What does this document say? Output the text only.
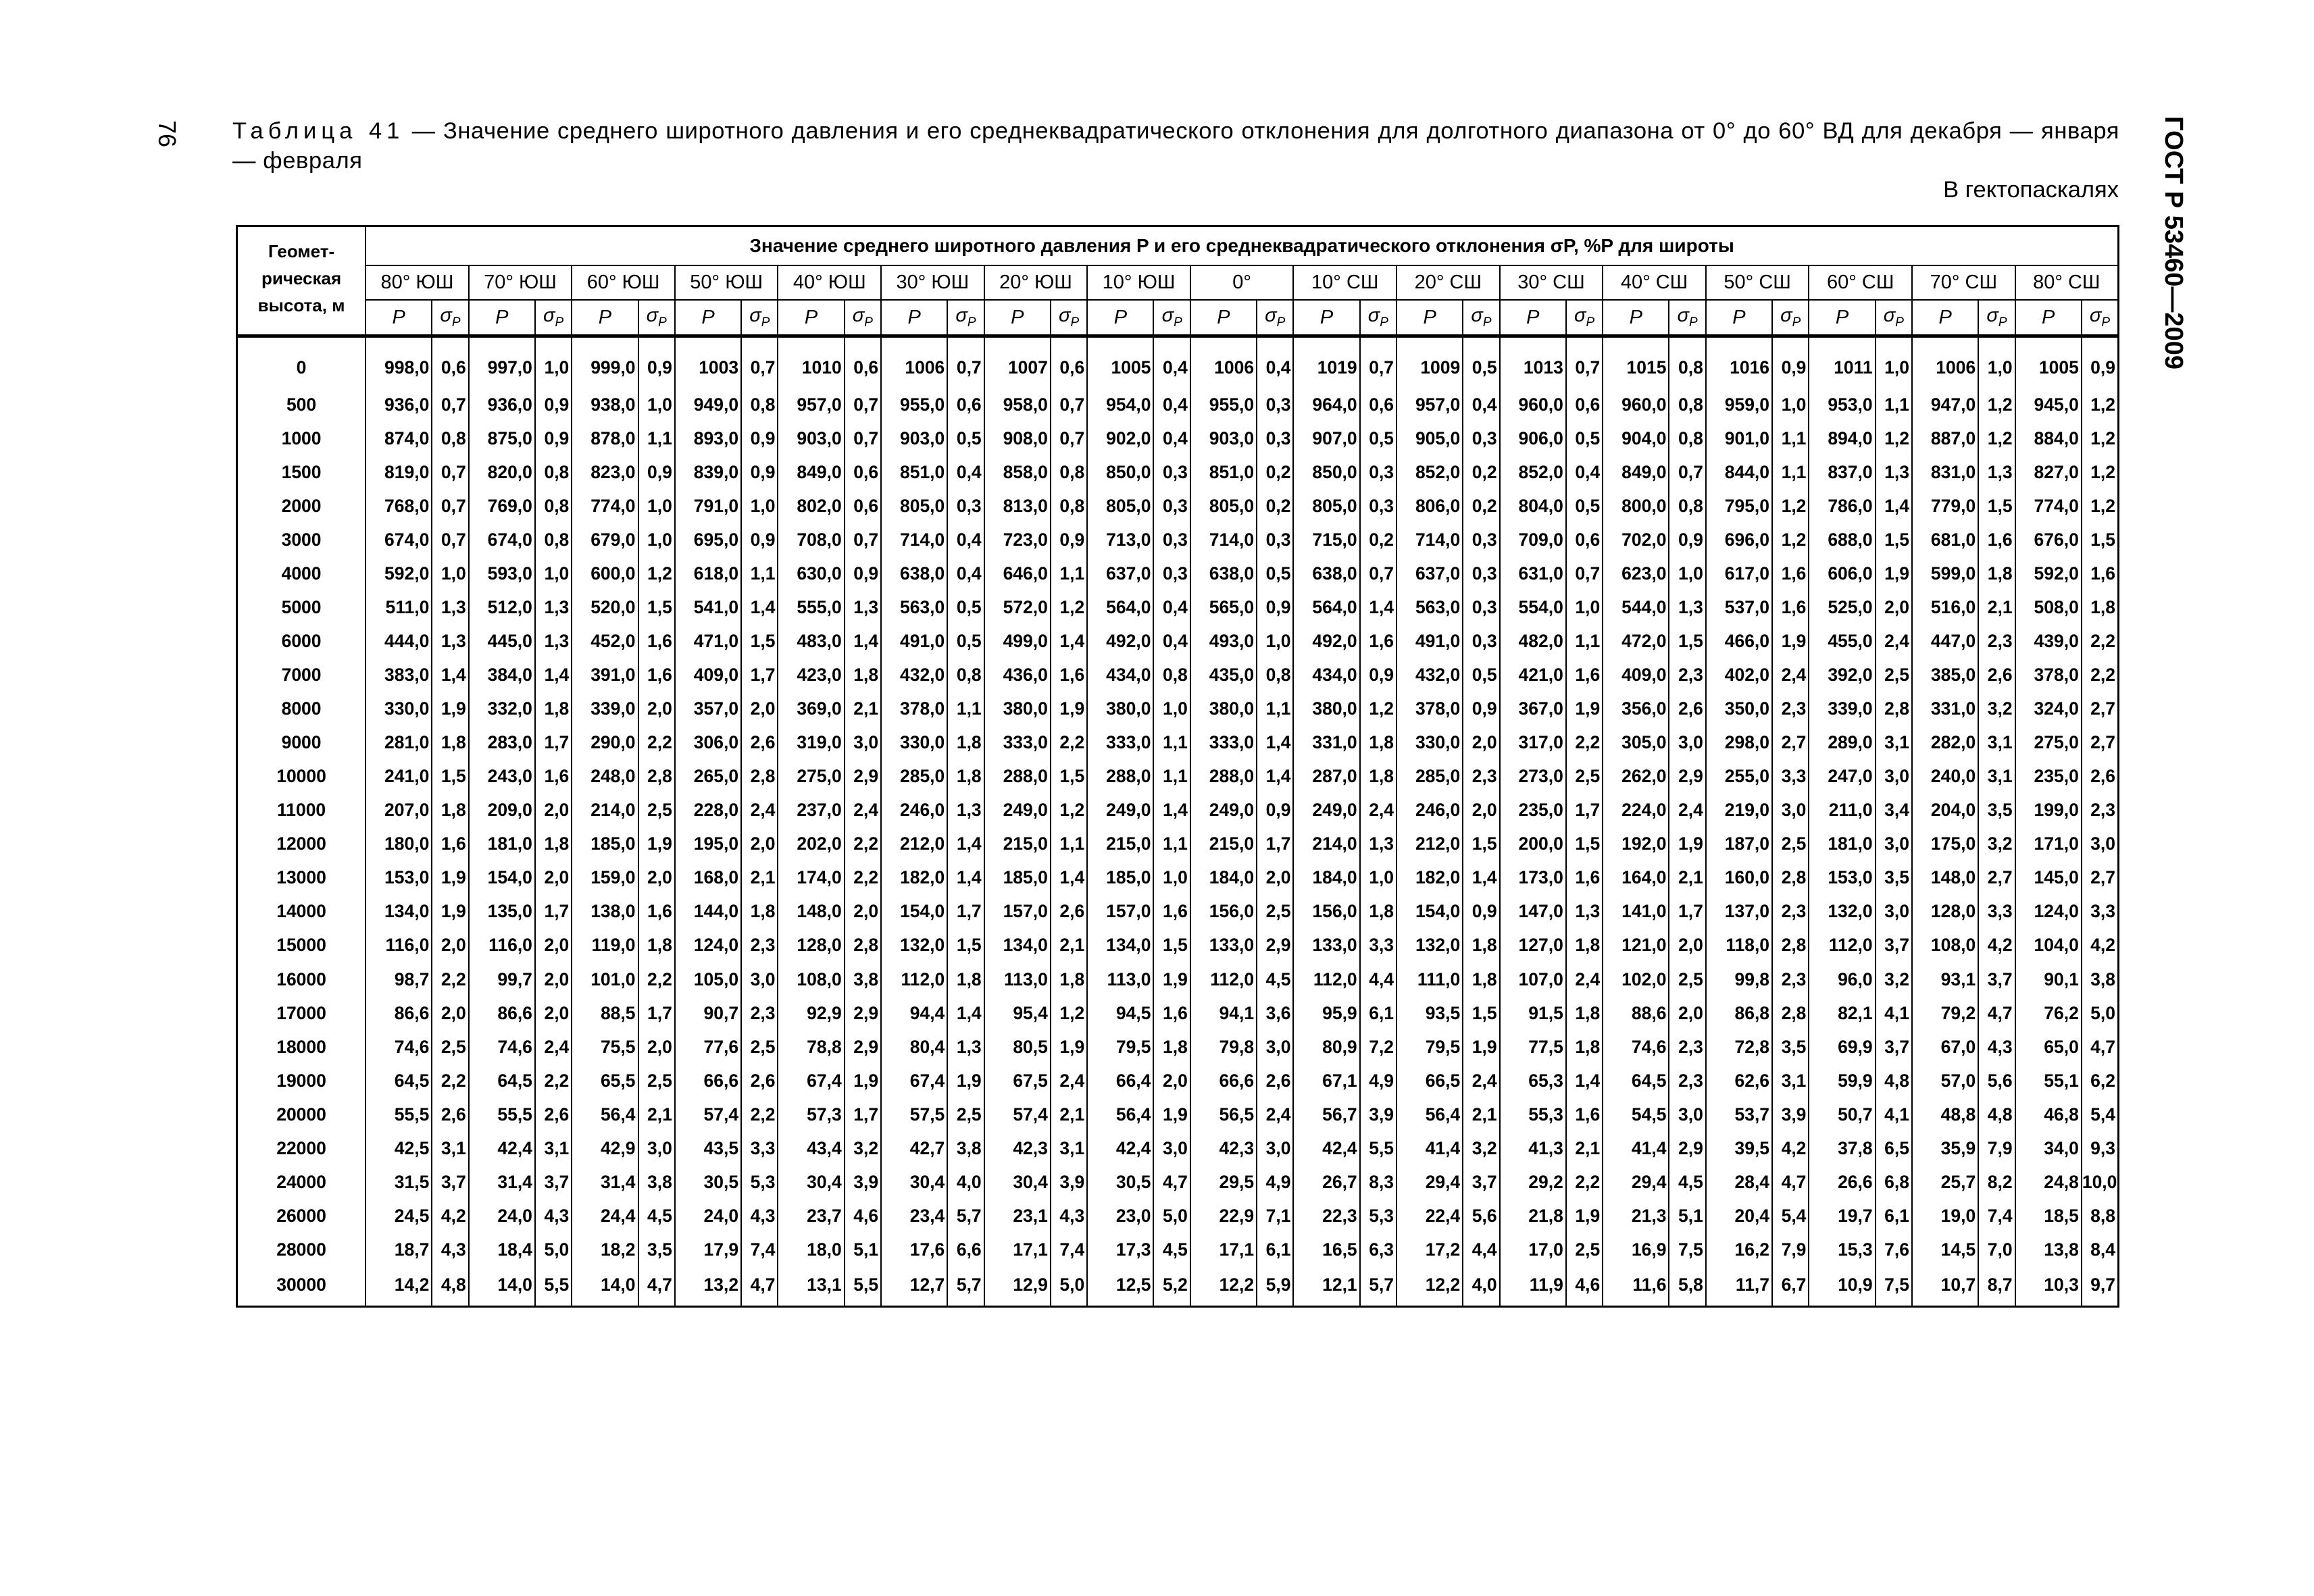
76	ГОСТ Р 53460—2009
Таблица 41 — Значение среднего широтного давления и его среднеквадратического отклонения для долготного диапазона от 0° до 60° ВД для декабря — января — февраля
В гектопаскалях
Геомет-
рическая
высота, м	Значение среднего широтного давления P и его среднеквадратического отклонения σP, %P для широты																																	
	80° ЮШ		70° ЮШ		60° ЮШ		50° ЮШ		40° ЮШ		30° ЮШ		20° ЮШ		10° ЮШ		0°		10° СШ		20° СШ		30° СШ		40° СШ		50° СШ		60° СШ		70° СШ		80° СШ	
	P	$\sigma_P$	P	$\sigma_P$	P	$\sigma_P$	P	$\sigma_P$	P	$\sigma_P$	P	$\sigma_P$	P	$\sigma_P$	P	$\sigma_P$	P	$\sigma_P$	P	$\sigma_P$	P	$\sigma_P$	P	$\sigma_P$	P	$\sigma_P$	P	$\sigma_P$	P	$\sigma_P$	P	$\sigma_P$	P	$\sigma_P$
0	998,0	0,6	997,0	1,0	999,0	0,9	1003	0,7	1010	0,6	1006	0,7	1007	0,6	1005	0,4	1006	0,4	1019	0,7	1009	0,5	1013	0,7	1015	0,8	1016	0,9	1011	1,0	1006	1,0	1005	0,9
500	936,0	0,7	936,0	0,9	938,0	1,0	949,0	0,8	957,0	0,7	955,0	0,6	958,0	0,7	954,0	0,4	955,0	0,3	964,0	0,6	957,0	0,4	960,0	0,6	960,0	0,8	959,0	1,0	953,0	1,1	947,0	1,2	945,0	1,2
1000	874,0	0,8	875,0	0,9	878,0	1,1	893,0	0,9	903,0	0,7	903,0	0,5	908,0	0,7	902,0	0,4	903,0	0,3	907,0	0,5	905,0	0,3	906,0	0,5	904,0	0,8	901,0	1,1	894,0	1,2	887,0	1,2	884,0	1,2
1500	819,0	0,7	820,0	0,8	823,0	0,9	839,0	0,9	849,0	0,6	851,0	0,4	858,0	0,8	850,0	0,3	851,0	0,2	850,0	0,3	852,0	0,2	852,0	0,4	849,0	0,7	844,0	1,1	837,0	1,3	831,0	1,3	827,0	1,2
2000	768,0	0,7	769,0	0,8	774,0	1,0	791,0	1,0	802,0	0,6	805,0	0,3	813,0	0,8	805,0	0,3	805,0	0,2	805,0	0,3	806,0	0,2	804,0	0,5	800,0	0,8	795,0	1,2	786,0	1,4	779,0	1,5	774,0	1,2
3000	674,0	0,7	674,0	0,8	679,0	1,0	695,0	0,9	708,0	0,7	714,0	0,4	723,0	0,9	713,0	0,3	714,0	0,3	715,0	0,2	714,0	0,3	709,0	0,6	702,0	0,9	696,0	1,2	688,0	1,5	681,0	1,6	676,0	1,5
4000	592,0	1,0	593,0	1,0	600,0	1,2	618,0	1,1	630,0	0,9	638,0	0,4	646,0	1,1	637,0	0,3	638,0	0,5	638,0	0,7	637,0	0,3	631,0	0,7	623,0	1,0	617,0	1,6	606,0	1,9	599,0	1,8	592,0	1,6
5000	511,0	1,3	512,0	1,3	520,0	1,5	541,0	1,4	555,0	1,3	563,0	0,5	572,0	1,2	564,0	0,4	565,0	0,9	564,0	1,4	563,0	0,3	554,0	1,0	544,0	1,3	537,0	1,6	525,0	2,0	516,0	2,1	508,0	1,8
6000	444,0	1,3	445,0	1,3	452,0	1,6	471,0	1,5	483,0	1,4	491,0	0,5	499,0	1,4	492,0	0,4	493,0	1,0	492,0	1,6	491,0	0,3	482,0	1,1	472,0	1,5	466,0	1,9	455,0	2,4	447,0	2,3	439,0	2,2
7000	383,0	1,4	384,0	1,4	391,0	1,6	409,0	1,7	423,0	1,8	432,0	0,8	436,0	1,6	434,0	0,8	435,0	0,8	434,0	0,9	432,0	0,5	421,0	1,6	409,0	2,3	402,0	2,4	392,0	2,5	385,0	2,6	378,0	2,2
8000	330,0	1,9	332,0	1,8	339,0	2,0	357,0	2,0	369,0	2,1	378,0	1,1	380,0	1,9	380,0	1,0	380,0	1,1	380,0	1,2	378,0	0,9	367,0	1,9	356,0	2,6	350,0	2,3	339,0	2,8	331,0	3,2	324,0	2,7
9000	281,0	1,8	283,0	1,7	290,0	2,2	306,0	2,6	319,0	3,0	330,0	1,8	333,0	2,2	333,0	1,1	333,0	1,4	331,0	1,8	330,0	2,0	317,0	2,2	305,0	3,0	298,0	2,7	289,0	3,1	282,0	3,1	275,0	2,7
10000	241,0	1,5	243,0	1,6	248,0	2,8	265,0	2,8	275,0	2,9	285,0	1,8	288,0	1,5	288,0	1,1	288,0	1,4	287,0	1,8	285,0	2,3	273,0	2,5	262,0	2,9	255,0	3,3	247,0	3,0	240,0	3,1	235,0	2,6
11000	207,0	1,8	209,0	2,0	214,0	2,5	228,0	2,4	237,0	2,4	246,0	1,3	249,0	1,2	249,0	1,4	249,0	0,9	249,0	2,4	246,0	2,0	235,0	1,7	224,0	2,4	219,0	3,0	211,0	3,4	204,0	3,5	199,0	2,3
12000	180,0	1,6	181,0	1,8	185,0	1,9	195,0	2,0	202,0	2,2	212,0	1,4	215,0	1,1	215,0	1,1	215,0	1,7	214,0	1,3	212,0	1,5	200,0	1,5	192,0	1,9	187,0	2,5	181,0	3,0	175,0	3,2	171,0	3,0
13000	153,0	1,9	154,0	2,0	159,0	2,0	168,0	2,1	174,0	2,2	182,0	1,4	185,0	1,4	185,0	1,0	184,0	2,0	184,0	1,0	182,0	1,4	173,0	1,6	164,0	2,1	160,0	2,8	153,0	3,5	148,0	2,7	145,0	2,7
14000	134,0	1,9	135,0	1,7	138,0	1,6	144,0	1,8	148,0	2,0	154,0	1,7	157,0	2,6	157,0	1,6	156,0	2,5	156,0	1,8	154,0	0,9	147,0	1,3	141,0	1,7	137,0	2,3	132,0	3,0	128,0	3,3	124,0	3,3
15000	116,0	2,0	116,0	2,0	119,0	1,8	124,0	2,3	128,0	2,8	132,0	1,5	134,0	2,1	134,0	1,5	133,0	2,9	133,0	3,3	132,0	1,8	127,0	1,8	121,0	2,0	118,0	2,8	112,0	3,7	108,0	4,2	104,0	4,2
16000	98,7	2,2	99,7	2,0	101,0	2,2	105,0	3,0	108,0	3,8	112,0	1,8	113,0	1,8	113,0	1,9	112,0	4,5	112,0	4,4	111,0	1,8	107,0	2,4	102,0	2,5	99,8	2,3	96,0	3,2	93,1	3,7	90,1	3,8
17000	86,6	2,0	86,6	2,0	88,5	1,7	90,7	2,3	92,9	2,9	94,4	1,4	95,4	1,2	94,5	1,6	94,1	3,6	95,9	6,1	93,5	1,5	91,5	1,8	88,6	2,0	86,8	2,8	82,1	4,1	79,2	4,7	76,2	5,0
18000	74,6	2,5	74,6	2,4	75,5	2,0	77,6	2,5	78,8	2,9	80,4	1,3	80,5	1,9	79,5	1,8	79,8	3,0	80,9	7,2	79,5	1,9	77,5	1,8	74,6	2,3	72,8	3,5	69,9	3,7	67,0	4,3	65,0	4,7
19000	64,5	2,2	64,5	2,2	65,5	2,5	66,6	2,6	67,4	1,9	67,4	1,9	67,5	2,4	66,4	2,0	66,6	2,6	67,1	4,9	66,5	2,4	65,3	1,4	64,5	2,3	62,6	3,1	59,9	4,8	57,0	5,6	55,1	6,2
20000	55,5	2,6	55,5	2,6	56,4	2,1	57,4	2,2	57,3	1,7	57,5	2,5	57,4	2,1	56,4	1,9	56,5	2,4	56,7	3,9	56,4	2,1	55,3	1,6	54,5	3,0	53,7	3,9	50,7	4,1	48,8	4,8	46,8	5,4
22000	42,5	3,1	42,4	3,1	42,9	3,0	43,5	3,3	43,4	3,2	42,7	3,8	42,3	3,1	42,4	3,0	42,3	3,0	42,4	5,5	41,4	3,2	41,3	2,1	41,4	2,9	39,5	4,2	37,8	6,5	35,9	7,9	34,0	9,3
24000	31,5	3,7	31,4	3,7	31,4	3,8	30,5	5,3	30,4	3,9	30,4	4,0	30,4	3,9	30,5	4,7	29,5	4,9	26,7	8,3	29,4	3,7	29,2	2,2	29,4	4,5	28,4	4,7	26,6	6,8	25,7	8,2	24,8	10,0
26000	24,5	4,2	24,0	4,3	24,4	4,5	24,0	4,3	23,7	4,6	23,4	5,7	23,1	4,3	23,0	5,0	22,9	7,1	22,3	5,3	22,4	5,6	21,8	1,9	21,3	5,1	20,4	5,4	19,7	6,1	19,0	7,4	18,5	8,8
28000	18,7	4,3	18,4	5,0	18,2	3,5	17,9	7,4	18,0	5,1	17,6	6,6	17,1	7,4	17,3	4,5	17,1	6,1	16,5	6,3	17,2	4,4	17,0	2,5	16,9	7,5	16,2	7,9	15,3	7,6	14,5	7,0	13,8	8,4
30000	14,2	4,8	14,0	5,5	14,0	4,7	13,2	4,7	13,1	5,5	12,7	5,7	12,9	5,0	12,5	5,2	12,2	5,9	12,1	5,7	12,2	4,0	11,9	4,6	11,6	5,8	11,7	6,7	10,9	7,5	10,7	8,7	10,3	9,7
